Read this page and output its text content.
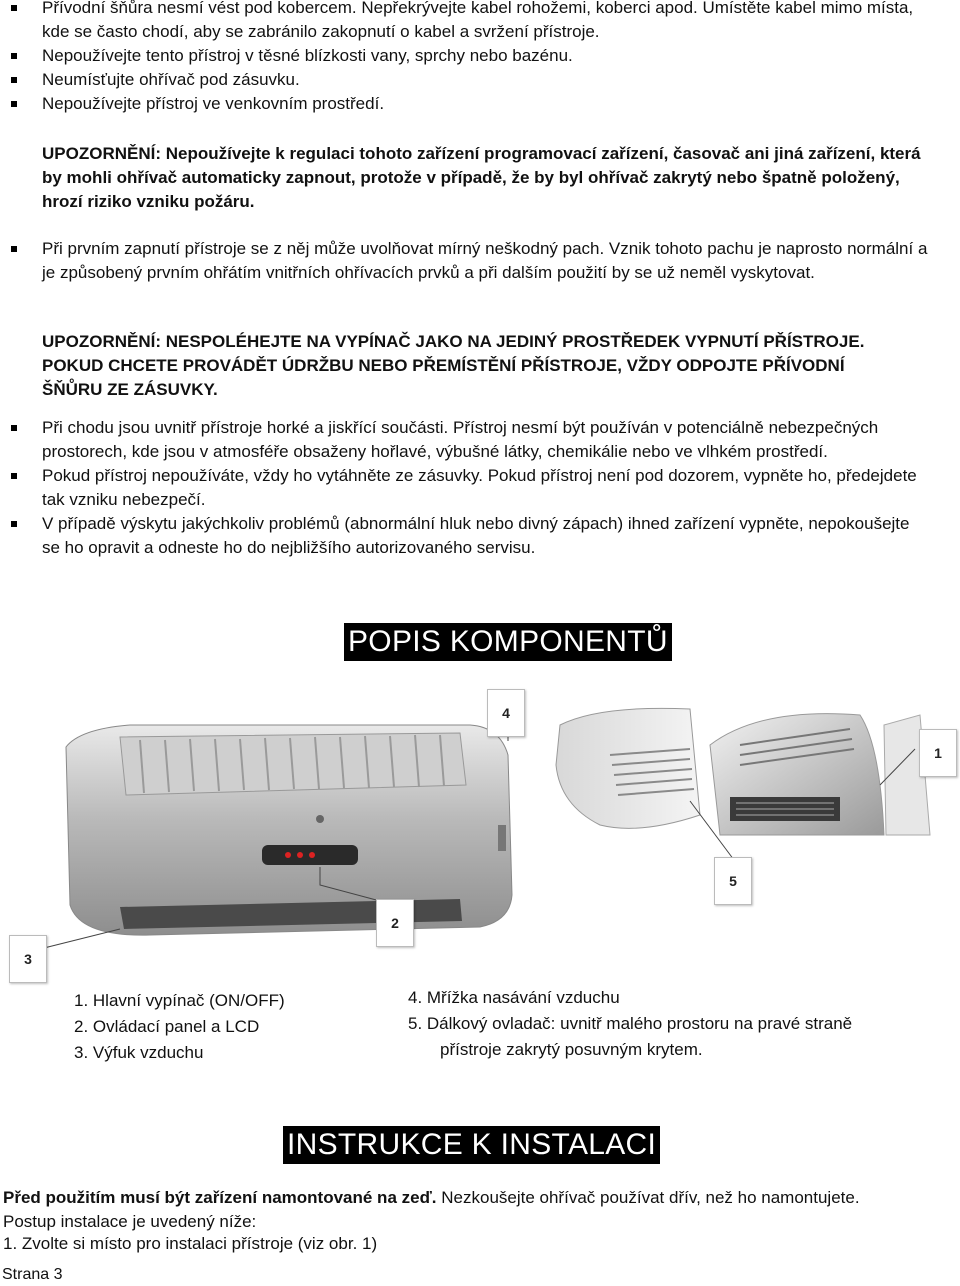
Přívodní šňůra nesmí vést pod kobercem. Nepřekrývejte kabel rohožemi, koberci apod. Umístěte kabel mimo místa, kde se často chodí, aby se zabránilo zakopnutí o kabel a svržení přístroje.
Nepoužívejte tento přístroj v těsné blízkosti vany, sprchy nebo bazénu.
Neumísťujte ohřívač pod zásuvku.
Nepoužívejte přístroj ve venkovním prostředí.
UPOZORNĚNÍ: Nepoužívejte k regulaci tohoto zařízení programovací zařízení, časovač ani jiná zařízení, která by mohli ohřívač automaticky zapnout, protože v případě, že by byl ohřívač zakrytý nebo špatně položený, hrozí riziko vzniku požáru.
Při prvním zapnutí přístroje se z něj může uvolňovat mírný neškodný pach. Vznik tohoto pachu je naprosto normální a je způsobený prvním ohřátím vnitřních ohřívacích prvků a při dalším použití by se už neměl vyskytovat.
UPOZORNĚNÍ: NESPOLÉHEJTE NA VYPÍNAČ JAKO NA JEDINÝ PROSTŘEDEK VYPNUTÍ PŘÍSTROJE. POKUD CHCETE PROVÁDĚT ÚDRŽBU NEBO PŘEMÍSTĚNÍ PŘÍSTROJE, VŽDY ODPOJTE PŘÍVODNÍ ŠŇŮRU ZE ZÁSUVKY.
Při chodu jsou uvnitř přístroje horké a jiskřící součásti. Přístroj nesmí být používán v potenciálně nebezpečných prostorech, kde jsou v atmosféře obsaženy hořlavé, výbušné látky, chemikálie nebo ve vlhkém prostředí.
Pokud přístroj nepoužíváte, vždy ho vytáhněte ze zásuvky. Pokud přístroj není pod dozorem, vypněte ho, předejdete tak vzniku nebezpečí.
V případě výskytu jakýchkoliv problémů (abnormální hluk nebo divný zápach) ihned zařízení vypněte, nepokoušejte se ho opravit a odneste ho do nejbližšího autorizovaného servisu.
POPIS KOMPONENTŮ
4
1
5
2
3
1. Hlavní vypínač (ON/OFF)
2. Ovládací panel a LCD
3. Výfuk vzduchu
4. Mřížka nasávání vzduchu
5. Dálkový ovladač: uvnitř malého prostoru na pravé straně
přístroje zakrytý posuvným krytem.
INSTRUKCE K INSTALACI
Před použitím musí být zařízení namontované na zeď. Nezkoušejte ohřívač používat dřív, než ho namontujete. Postup instalace je uvedený níže:
1. Zvolte si místo pro instalaci přístroje (viz obr. 1)
Strana 3
